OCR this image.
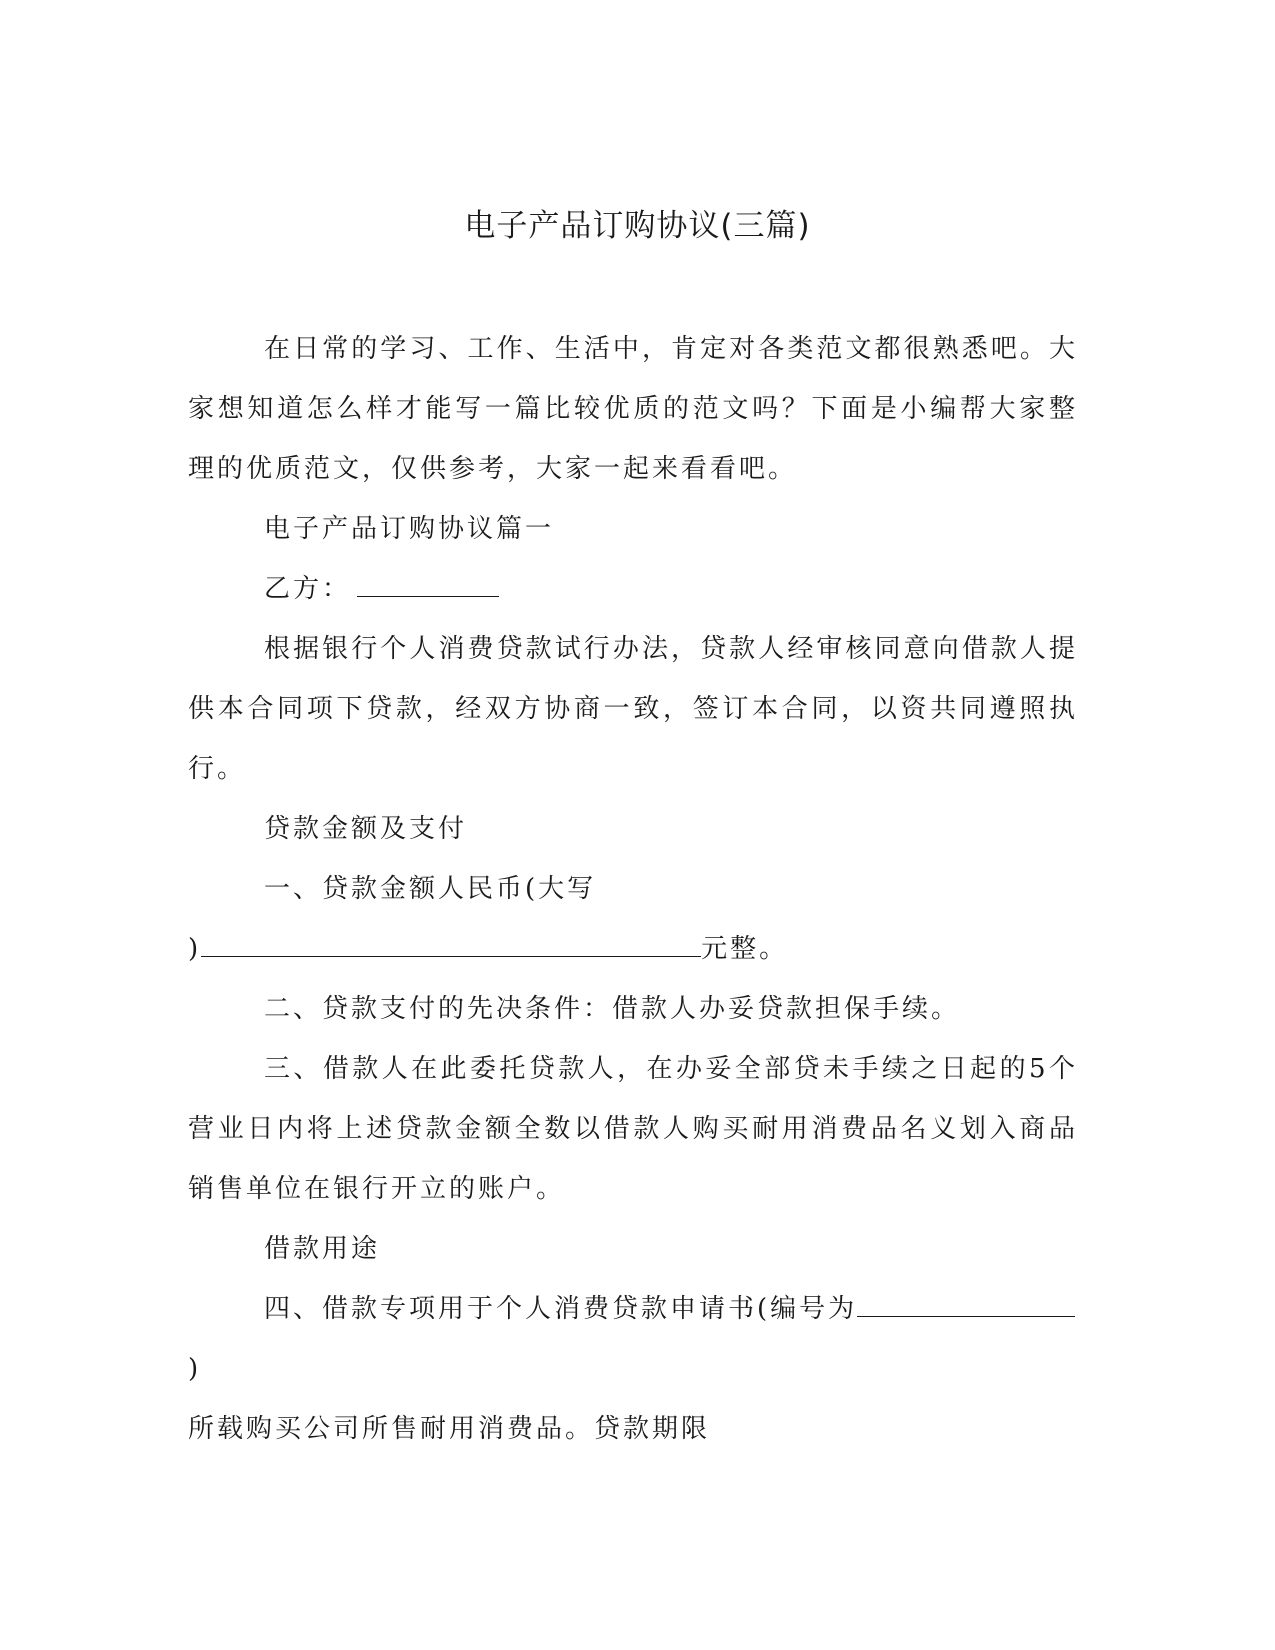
电子产品订购协议(三篇)

在日常的学习、工作、生活中，肯定对各类范文都很熟悉吧。大家想知道怎么样才能写一篇比较优质的范文吗？下面是小编帮大家整理的优质范文，仅供参考，大家一起来看看吧。

电子产品订购协议篇一

乙方：

根据银行个人消费贷款试行办法，贷款人经审核同意向借款人提供本合同项下贷款，经双方协商一致，签订本合同，以资共同遵照执行。

贷款金额及支付

一、贷款金额人民币(大写

)	元整。

二、贷款支付的先决条件：借款人办妥贷款担保手续。

三、借款人在此委托贷款人，在办妥全部贷未手续之日起的5个营业日内将上述贷款金额全数以借款人购买耐用消费品名义划入商品销售单位在银行开立的账户。

借款用途

四、借款专项用于个人消费贷款申请书(编号为)

所载购买公司所售耐用消费品。贷款期限
